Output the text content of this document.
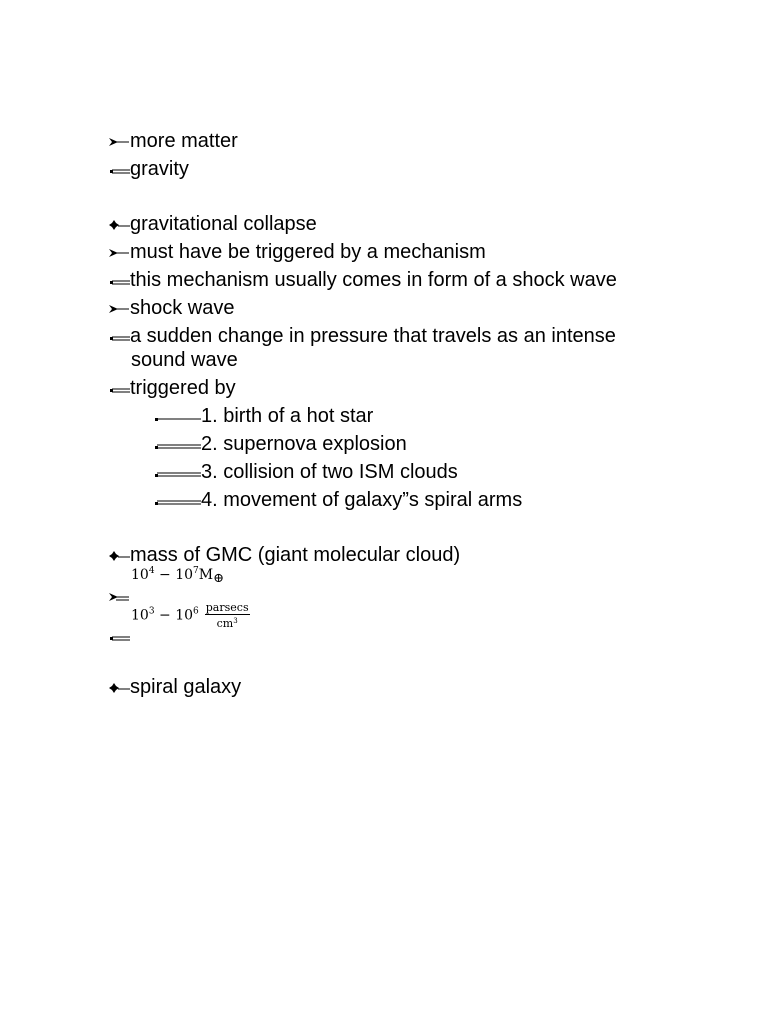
more matter
gravity
gravitational collapse
must have be triggered by a mechanism
this mechanism usually comes in form of a shock wave
shock wave
a sudden change in pressure that travels as an intense
sound wave
triggered by
1. birth of a hot star
2. supernova explosion
3. collision of two ISM clouds
4. movement of galaxy”s spiral arms
mass of GMC (giant molecular cloud)
$10^4 - 10^7M_\oplus$
$10^3 - 10^6 \frac{\text{parsecs}}{cm^3}$
spiral galaxy
